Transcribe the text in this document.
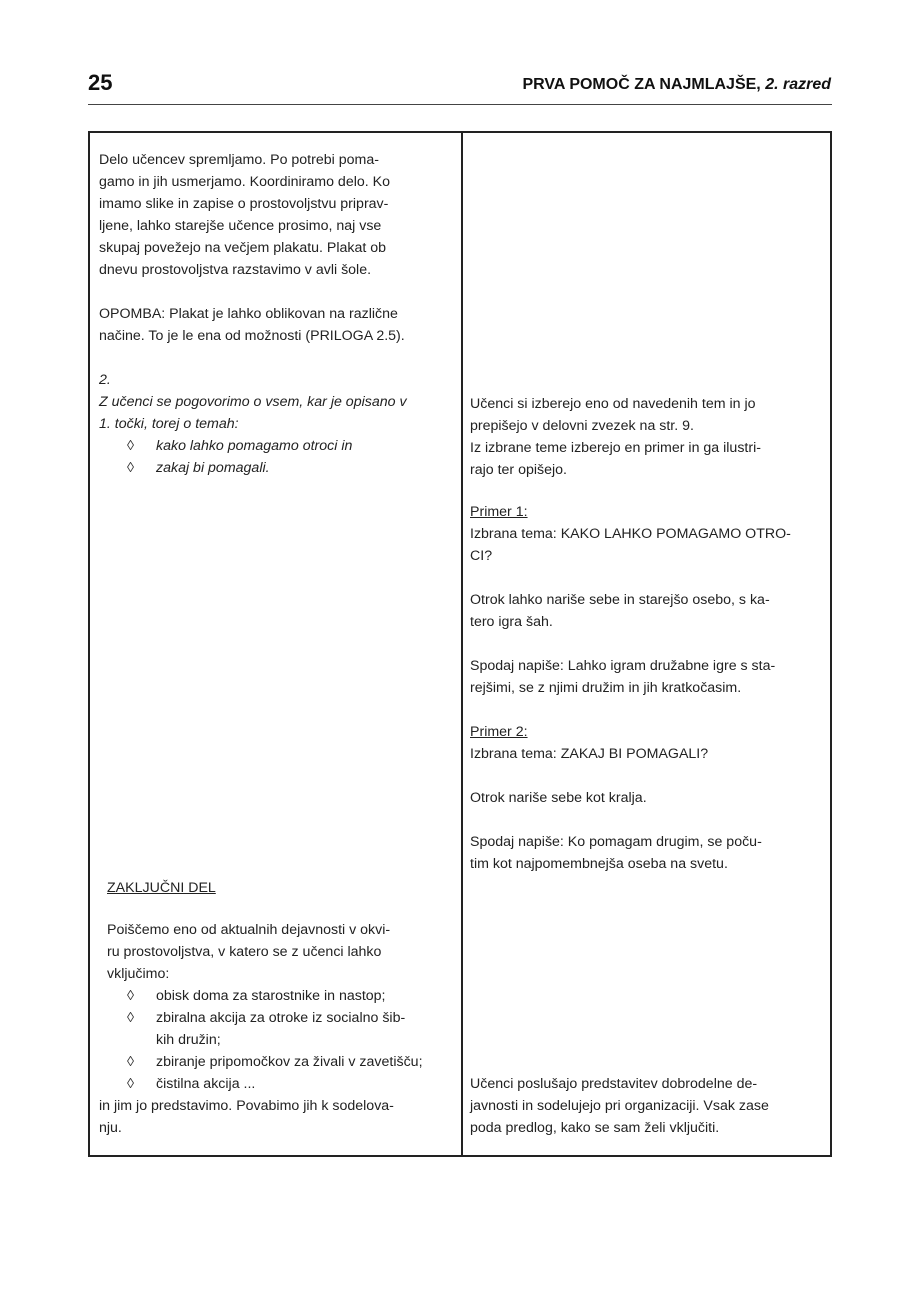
25	PRVA POMOČ ZA NAJMLAJŠE, 2. razred

Delo učencev spremljamo. Po potrebi poma-

gamo in jih usmerjamo. Koordiniramo delo. Ko

imamo slike in zapise o prostovoljstvu priprav-

ljene, lahko starejše učence prosimo, naj vse

skupaj povežejo na večjem plakatu. Plakat ob

dnevu prostovoljstva razstavimo v avli šole.

OPOMBA: Plakat je lahko oblikovan na različne

načine. To je le ena od možnosti (PRILOGA 2.5).

2.

Z učenci se pogovorimo o vsem, kar je opisano v

1. točki, torej o temah:

◊	kako lahko pomagamo otroci in
◊	zakaj bi pomagali.
ZAKLJUČNI DEL

Poiščemo eno od aktualnih dejavnosti v okvi-

ru prostovoljstva, v katero se z učenci lahko

vključimo:

◊	obisk doma za starostnike in nastop;
◊	zbiralna akcija za otroke iz socialno šib-
kih družin;
◊	zbiranje pripomočkov za živali v zavetišču;
◊	čistilna akcija ...

in jim jo predstavimo. Povabimo jih k sodelova-

nju.

Učenci si izberejo eno od navedenih tem in jo

prepišejo v delovni zvezek na str. 9.

Iz izbrane teme izberejo en primer in ga ilustri-

rajo ter opišejo.

Primer 1:

Izbrana tema: KAKO LAHKO POMAGAMO OTRO-

CI?

Otrok lahko nariše sebe in starejšo osebo, s ka-

tero igra šah.

Spodaj napiše: Lahko igram družabne igre s sta-

rejšimi, se z njimi družim in jih kratkočasim.

Primer 2:

Izbrana tema: ZAKAJ BI POMAGALI?

Otrok nariše sebe kot kralja.

Spodaj napiše: Ko pomagam drugim, se poču-

tim kot najpomembnejša oseba na svetu.

Učenci poslušajo predstavitev dobrodelne de-

javnosti in sodelujejo pri organizaciji. Vsak zase

poda predlog, kako se sam želi vključiti.
